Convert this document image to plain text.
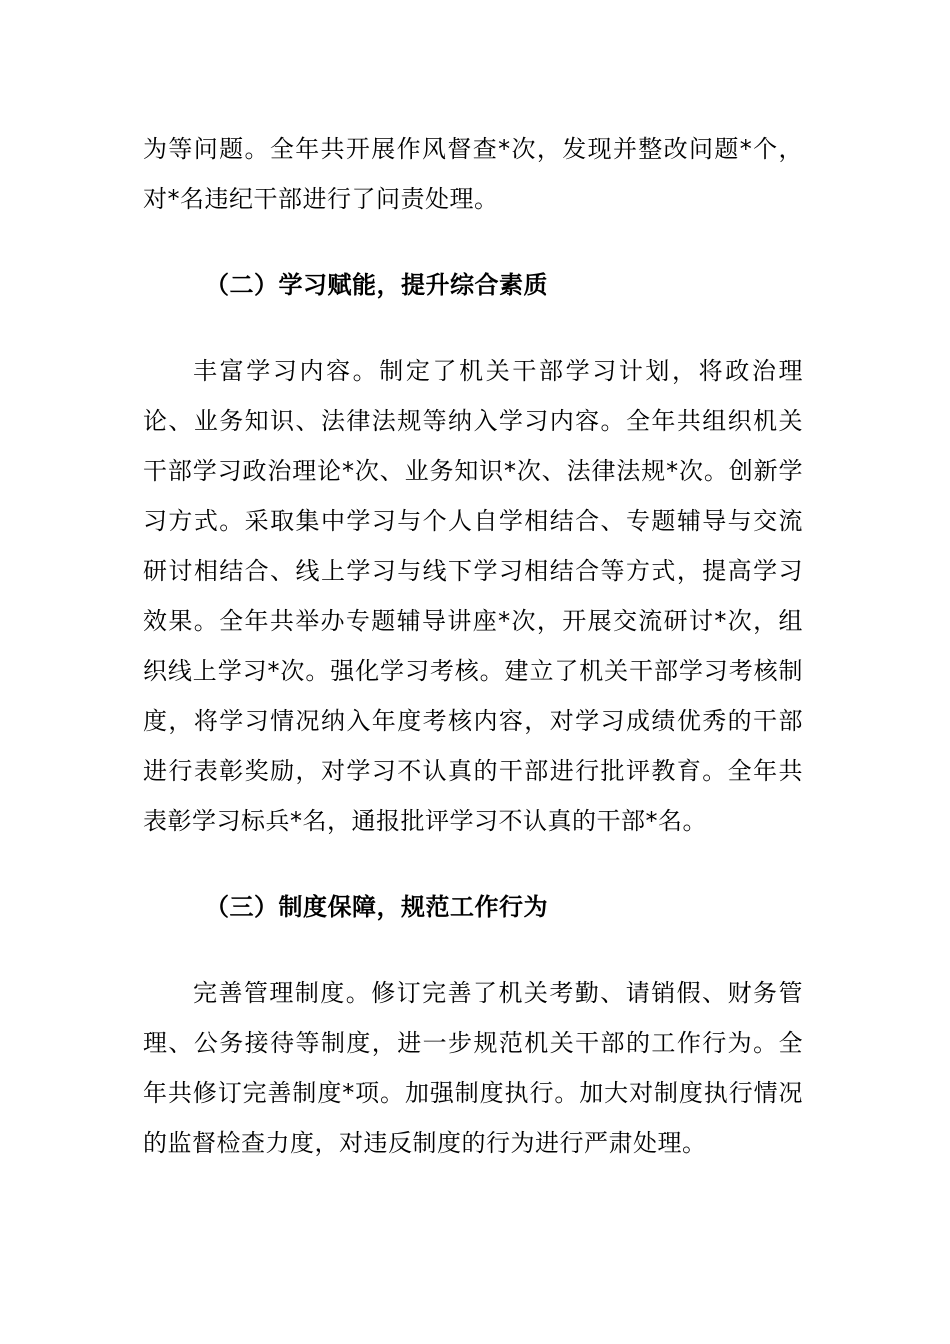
为等问题。全年共开展作风督查*次，发现并整改问题*个，对*名违纪干部进行了问责处理。

（二）学习赋能，提升综合素质

丰富学习内容。制定了机关干部学习计划，将政治理论、业务知识、法律法规等纳入学习内容。全年共组织机关干部学习政治理论*次、业务知识*次、法律法规*次。创新学习方式。采取集中学习与个人自学相结合、专题辅导与交流研讨相结合、线上学习与线下学习相结合等方式，提高学习效果。全年共举办专题辅导讲座*次，开展交流研讨*次，组织线上学习*次。强化学习考核。建立了机关干部学习考核制度，将学习情况纳入年度考核内容，对学习成绩优秀的干部进行表彰奖励，对学习不认真的干部进行批评教育。全年共表彰学习标兵*名，通报批评学习不认真的干部*名。

（三）制度保障，规范工作行为

完善管理制度。修订完善了机关考勤、请销假、财务管理、公务接待等制度，进一步规范机关干部的工作行为。全年共修订完善制度*项。加强制度执行。加大对制度执行情况的监督检查力度，对违反制度的行为进行严肃处理。
